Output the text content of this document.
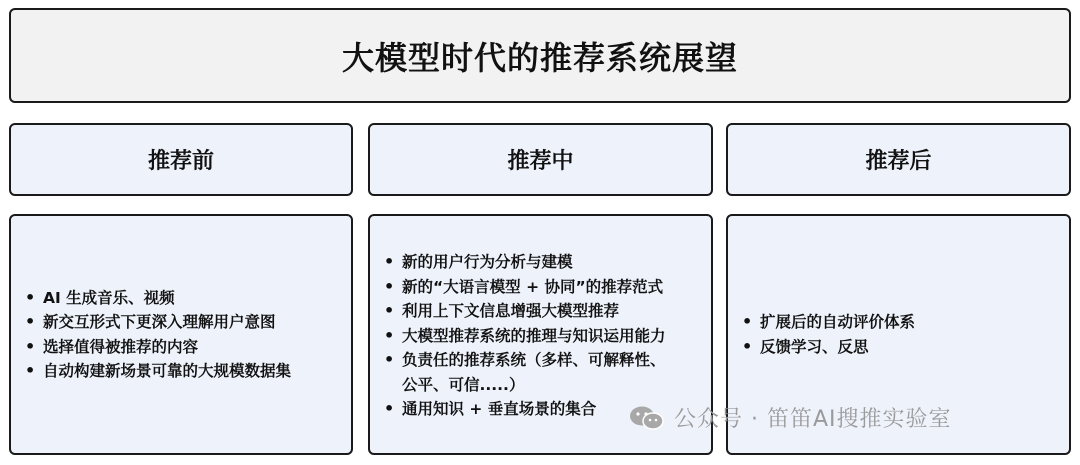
大模型时代的推荐系统展望
推荐前	推荐中	推荐后
• AI 生成音乐、视频
• 新交互形式下更深入理解用户意图
• 选择值得被推荐的内容
• 自动构建新场景可靠的大规模数据集
• 新的用户行为分析与建模
• 新的“大语言模型 + 协同”的推荐范式
• 利用上下文信息增强大模型推荐
• 大模型推荐系统的推理与知识运用能力
• 负责任的推荐系统（多样、可解释性、
公平、可信.....）
• 通用知识 + 垂直场景的集合
• 扩展后的自动评价体系
• 反馈学习、反思
公众号 · 笛笛AI搜推实验室
